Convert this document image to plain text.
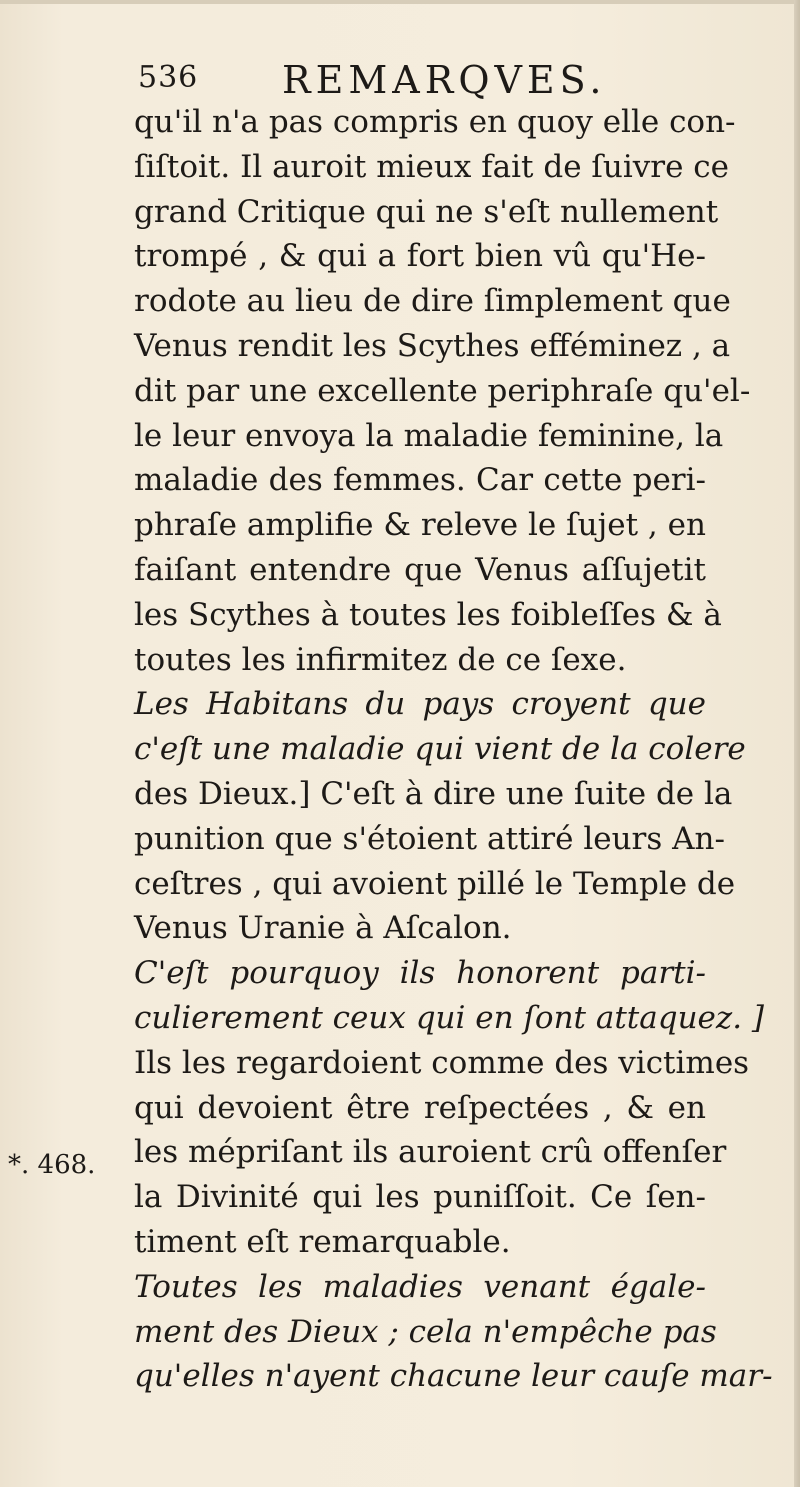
536 REMARQVES.
*. 468.
qu'il n'a pas compris en quoy elle con-
ſiſtoit. Il auroit mieux fait de ſuivre ce
grand Critique qui ne s'eſt nullement
trompé , & qui a fort bien vû qu'He-
rodote au lieu de dire ſimplement que
Venus rendit les Scythes efféminez , a
dit par une excellente periphraſe qu'el-
le leur envoya la maladie feminine, la
maladie des femmes. Car cette peri-
phraſe amplifie & releve le ſujet , en
faiſant entendre que Venus aſſujetit
les Scythes à toutes les foibleſſes & à
toutes les infirmitez de ce ſexe.
Les Habitans du pays croyent que
c'eſt une maladie qui vient de la colere
des Dieux.] C'eſt à dire une ſuite de la
punition que s'étoient attiré leurs An-
ceſtres , qui avoient pillé le Temple de
Venus Uranie à Aſcalon.
C'eſt pourquoy ils honorent parti-
culierement ceux qui en ſont attaquez. ]
Ils les regardoient comme des victimes
qui devoient être reſpectées , & en
les mépriſant ils auroient crû offenſer
la Divinité qui les puniſſoit. Ce ſen-
timent eſt remarquable.
Toutes les maladies venant égale-
ment des Dieux ; cela n'empêche pas
qu'elles n'ayent chacune leur cauſe mar-
